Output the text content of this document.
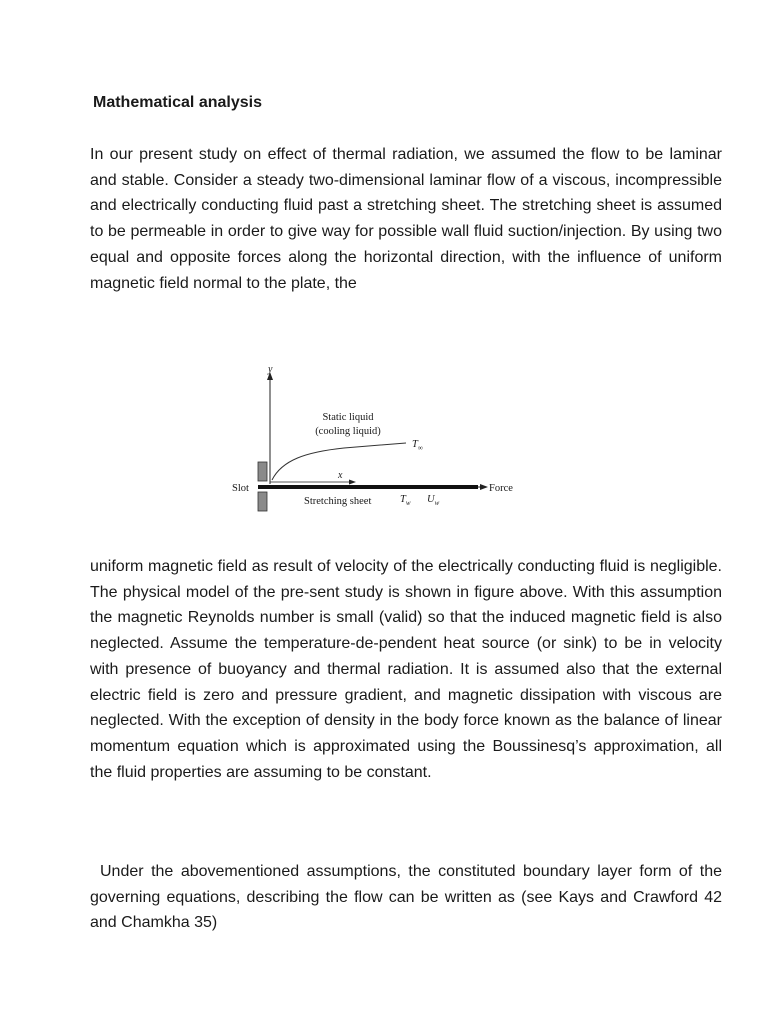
Mathematical analysis

In our present study on effect of thermal radiation, we assumed the flow to be laminar and stable. Consider a steady two-dimensional laminar flow of a viscous, incompressible and electrically conducting fluid past a stretching sheet. The stretching sheet is assumed to be permeable in order to give way for possible wall fluid suction/injection. By using two equal and opposite forces along the horizontal direction, with the influence of uniform magnetic field normal to the plate, the

y
x
Static liquid
(cooling liquid)
$T_\infty$
Slot	Force
Stretching sheet	$T_w$ $U_w$

uniform magnetic field as result of velocity of the electrically conducting fluid is negligible. The physical model of the pre-sent study is shown in figure above. With this assumption the magnetic Reynolds number is small (valid) so that the induced magnetic field is also neglected. Assume the temperature-de-pendent heat source (or sink) to be in velocity with presence of buoyancy and thermal radiation. It is assumed also that the external electric field is zero and pressure gradient, and magnetic dissipation with viscous are neglected. With the exception of density in the body force known as the balance of linear momentum equation which is approximated using the Boussinesq’s approximation, all the fluid properties are assuming to be constant.

Under the abovementioned assumptions, the constituted boundary layer form of the governing equations, describing the flow can be written as (see Kays and Crawford 42 and Chamkha 35)
